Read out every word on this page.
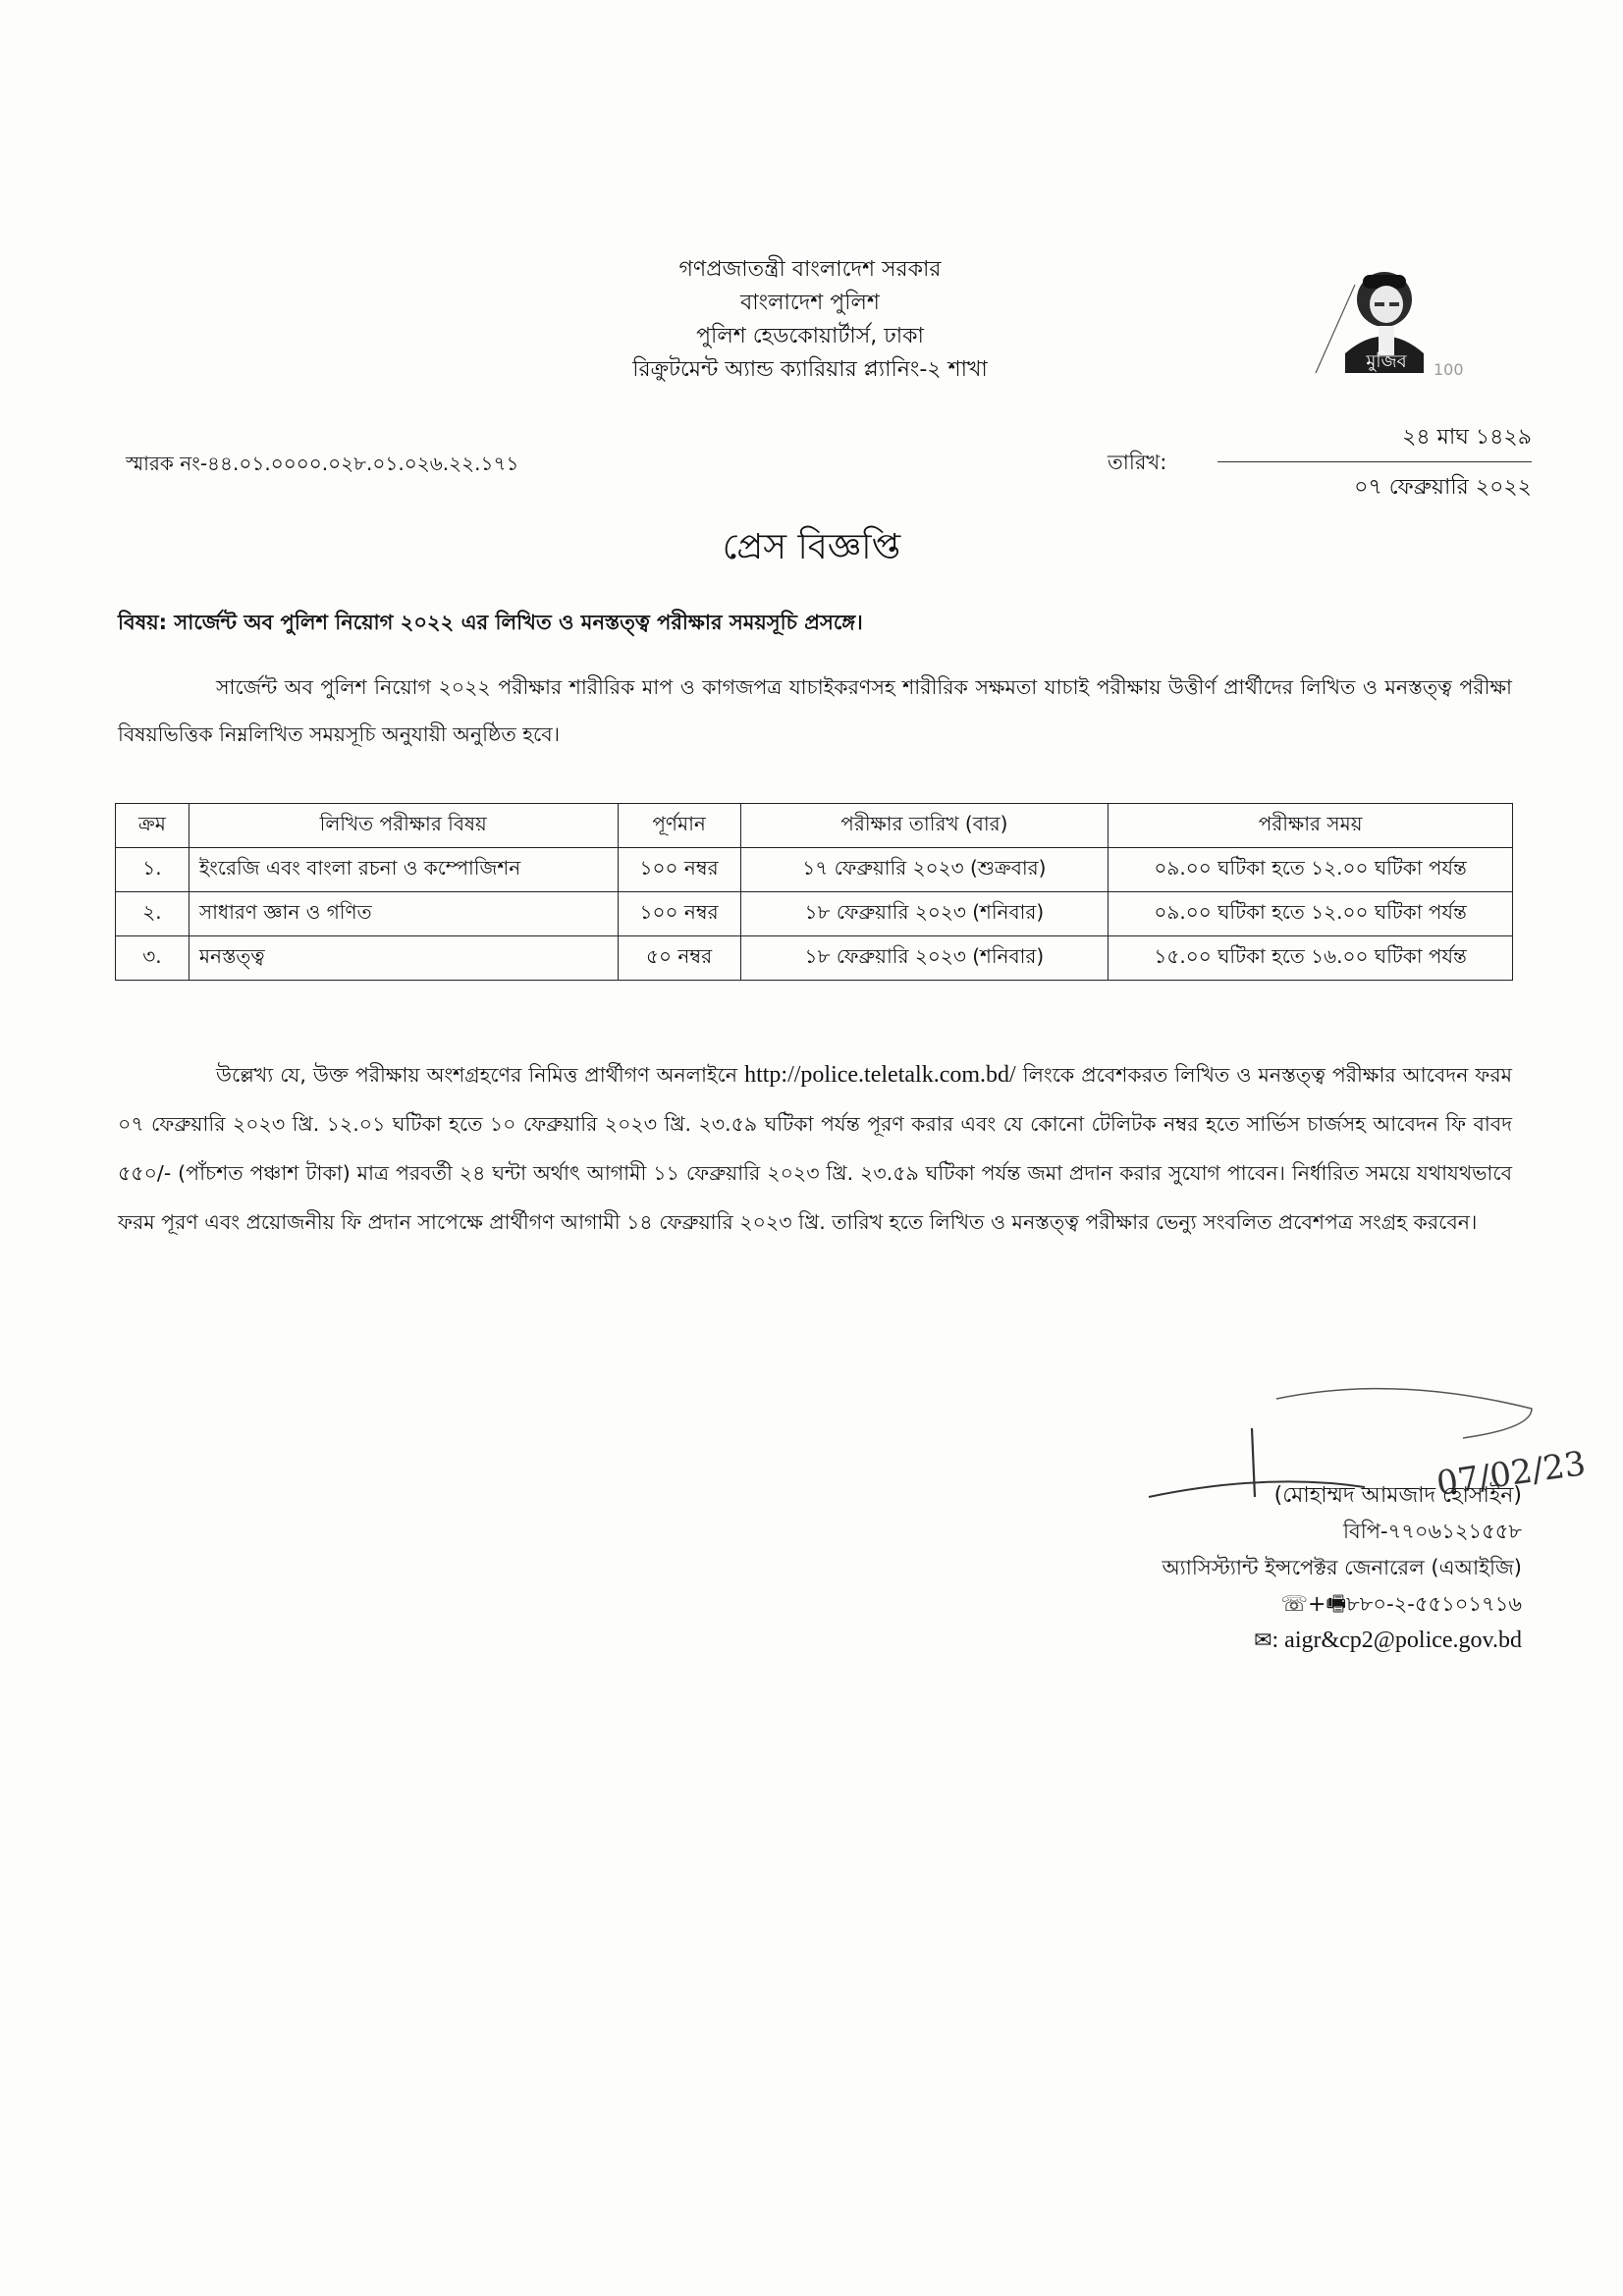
গণপ্রজাতন্ত্রী বাংলাদেশ সরকার
বাংলাদেশ পুলিশ
পুলিশ হেডকোয়ার্টার্স, ঢাকা
রিক্রুটমেন্ট অ্যান্ড ক্যারিয়ার প্ল্যানিং-২ শাখা	মুজিব 100
স্মারক নং-৪৪.০১.০০০০.০২৮.০১.০২৬.২২.১৭১	তারিখ:
২৪ মাঘ ১৪২৯
০৭ ফেব্রুয়ারি ২০২২
প্রেস বিজ্ঞপ্তি
বিষয়: সার্জেন্ট অব পুলিশ নিয়োগ ২০২২ এর লিখিত ও মনস্তত্ত্ব পরীক্ষার সময়সূচি প্রসঙ্গে।
সার্জেন্ট অব পুলিশ নিয়োগ ২০২২ পরীক্ষার শারীরিক মাপ ও কাগজপত্র যাচাইকরণসহ শারীরিক সক্ষমতা যাচাই পরীক্ষায় উত্তীর্ণ প্রার্থীদের লিখিত ও মনস্তত্ত্ব পরীক্ষা বিষয়ভিত্তিক নিম্নলিখিত সময়সূচি অনুযায়ী অনুষ্ঠিত হবে।
ক্রম	লিখিত পরীক্ষার বিষয়	পূর্ণমান	পরীক্ষার তারিখ (বার)	পরীক্ষার সময়
১.	ইংরেজি এবং বাংলা রচনা ও কম্পোজিশন	১০০ নম্বর	১৭ ফেব্রুয়ারি ২০২৩ (শুক্রবার)	০৯.০০ ঘটিকা হতে ১২.০০ ঘটিকা পর্যন্ত
২.	সাধারণ জ্ঞান ও গণিত	১০০ নম্বর	১৮ ফেব্রুয়ারি ২০২৩ (শনিবার)	০৯.০০ ঘটিকা হতে ১২.০০ ঘটিকা পর্যন্ত
৩.	মনস্তত্ত্ব	৫০ নম্বর	১৮ ফেব্রুয়ারি ২০২৩ (শনিবার)	১৫.০০ ঘটিকা হতে ১৬.০০ ঘটিকা পর্যন্ত
উল্লেখ্য যে, উক্ত পরীক্ষায় অংশগ্রহণের নিমিত্ত প্রার্থীগণ অনলাইনে http://police.teletalk.com.bd/ লিংকে প্রবেশকরত লিখিত ও মনস্তত্ত্ব পরীক্ষার আবেদন ফরম ০৭ ফেব্রুয়ারি ২০২৩ খ্রি. ১২.০১ ঘটিকা হতে ১০ ফেব্রুয়ারি ২০২৩ খ্রি. ২৩.৫৯ ঘটিকা পর্যন্ত পূরণ করার এবং যে কোনো টেলিটক নম্বর হতে সার্ভিস চার্জসহ আবেদন ফি বাবদ ৫৫০/- (পাঁচশত পঞ্চাশ টাকা) মাত্র পরবর্তী ২৪ ঘন্টা অর্থাৎ আগামী ১১ ফেব্রুয়ারি ২০২৩ খ্রি. ২৩.৫৯ ঘটিকা পর্যন্ত জমা প্রদান করার সুযোগ পাবেন। নির্ধারিত সময়ে যথাযথভাবে ফরম পূরণ এবং প্রয়োজনীয় ফি প্রদান সাপেক্ষে প্রার্থীগণ আগামী ১৪ ফেব্রুয়ারি ২০২৩ খ্রি. তারিখ হতে লিখিত ও মনস্তত্ত্ব পরীক্ষার ভেন্যু সংবলিত প্রবেশপত্র সংগ্রহ করবেন।
07/02/23
(মোহাম্মদ আমজাদ হোসাইন)
বিপি-৭৭০৬১২১৫৫৮
অ্যাসিস্ট্যান্ট ইন্সপেক্টর জেনারেল (এআইজি)
☏+🖷৮৮০-২-৫৫১০১৭১৬
✉: aigr&cp2@police.gov.bd
